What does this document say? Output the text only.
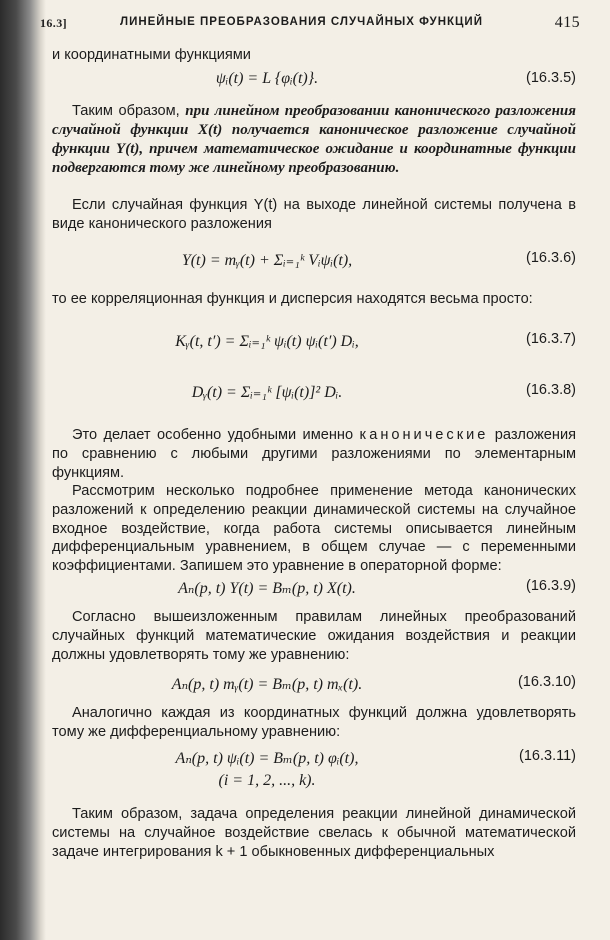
16.3]	ЛИНЕЙНЫЕ ПРЕОБРАЗОВАНИЯ СЛУЧАЙНЫХ ФУНКЦИЙ	415
и координатными функциями
ψᵢ(t) = L {φᵢ(t)}.	(16.3.5)
Таким образом, при линейном преобразовании канонического разложения случайной функции X(t) получается каноническое разложение случайной функции Y(t), причем математическое ожидание и координатные функции подвергаются тому же линейному преобразованию.
Если случайная функция Y(t) на выходе линейной системы получена в виде канонического разложения
Y(t) = mᵧ(t) + Σᵢ₌₁ᵏ Vᵢψᵢ(t),	(16.3.6)
то ее корреляционная функция и дисперсия находятся весьма просто:
Kᵧ(t, t′) = Σᵢ₌₁ᵏ ψᵢ(t) ψᵢ(t′) Dᵢ,	(16.3.7)
Dᵧ(t) = Σᵢ₌₁ᵏ [ψᵢ(t)]² Dᵢ.	(16.3.8)
Это делает особенно удобными именно канонические разложения по сравнению с любыми другими разложениями по элементарным функциям.
Рассмотрим несколько подробнее применение метода канонических разложений к определению реакции динамической системы на случайное входное воздействие, когда работа системы описывается линейным дифференциальным уравнением, в общем случае — с переменными коэффициентами. Запишем это уравнение в операторной форме:
Aₙ(p, t) Y(t) = Bₘ(p, t) X(t).	(16.3.9)
Согласно вышеизложенным правилам линейных преобразований случайных функций математические ожидания воздействия и реакции должны удовлетворять тому же уравнению:
Aₙ(p, t) mᵧ(t) = Bₘ(p, t) mₓ(t).	(16.3.10)
Аналогично каждая из координатных функций должна удовлетворять тому же дифференциальному уравнению:
Aₙ(p, t) ψᵢ(t) = Bₘ(p, t) φᵢ(t),	(16.3.11)
(i = 1, 2, ..., k).
Таким образом, задача определения реакции линейной динамической системы на случайное воздействие свелась к обычной математической задаче интегрирования k + 1 обыкновенных дифференциальных
